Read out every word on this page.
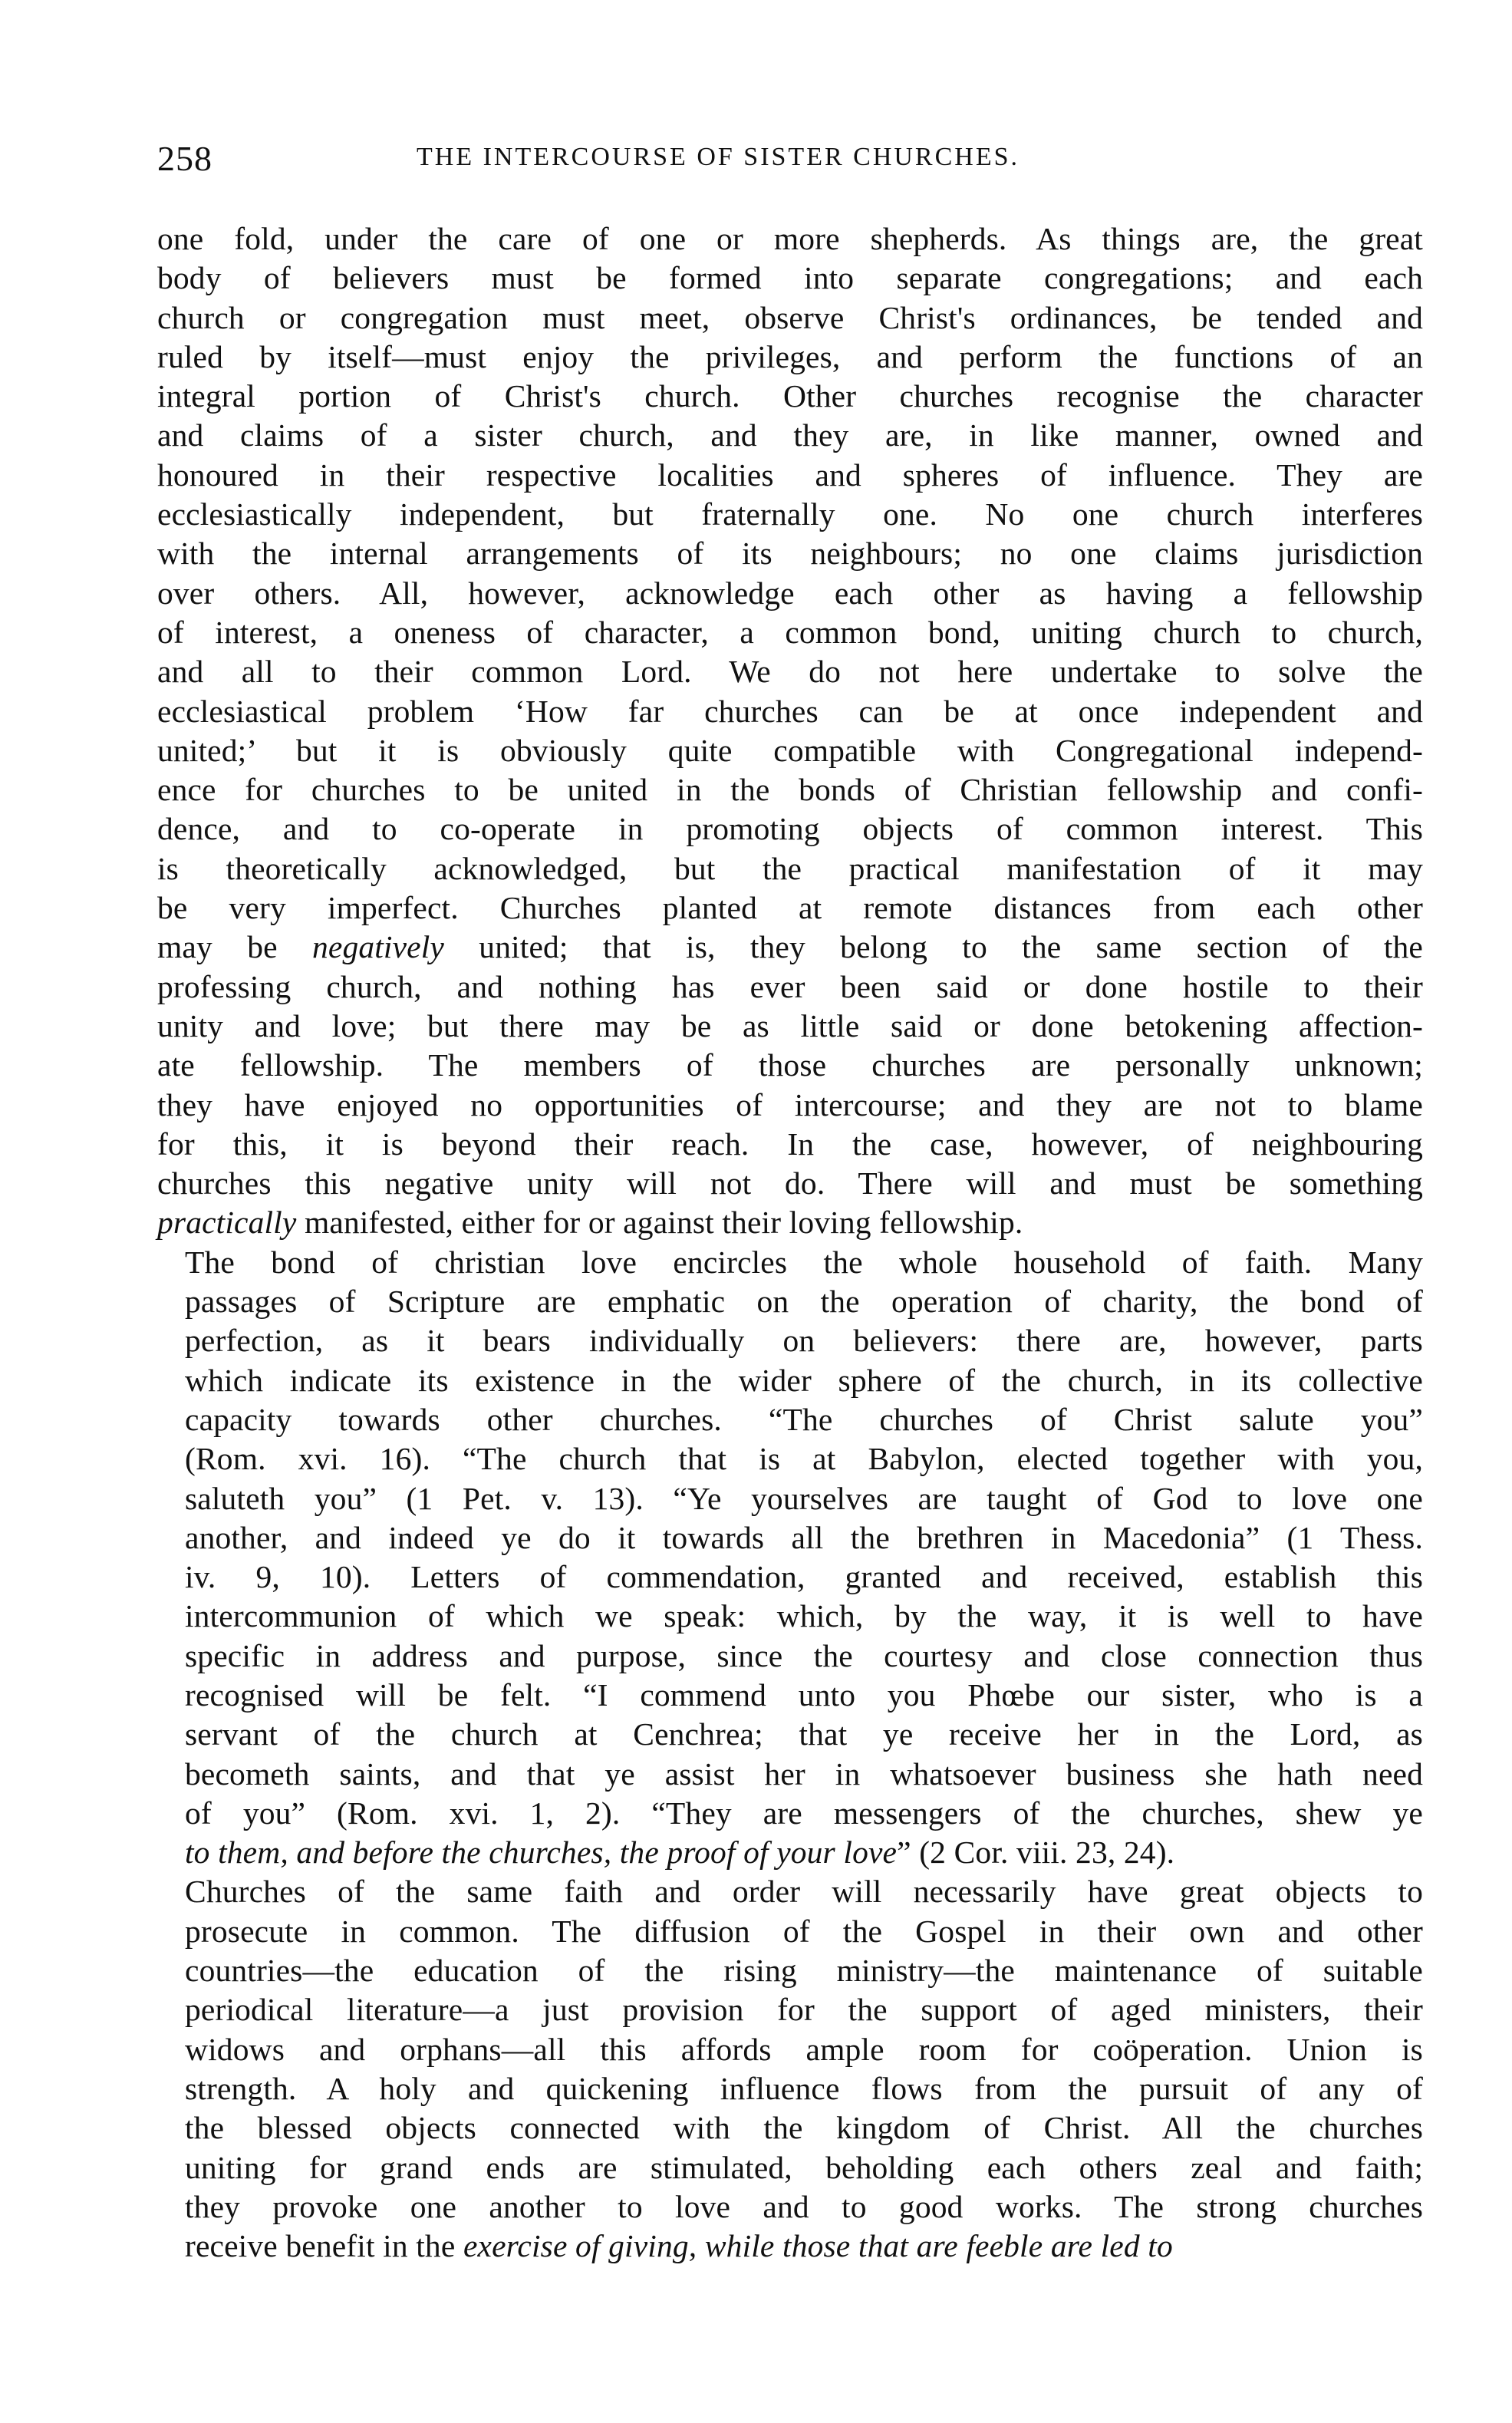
258	THE INTERCOURSE OF SISTER CHURCHES.

one fold, under the care of one or more shepherds. As things are, the great
body of believers must be formed into separate congregations; and each
church or congregation must meet, observe Christ's ordinances, be tended and
ruled by itself—must enjoy the privileges, and perform the functions of an
integral portion of Christ's church. Other churches recognise the character
and claims of a sister church, and they are, in like manner, owned and
honoured in their respective localities and spheres of influence. They are
ecclesiastically independent, but fraternally one. No one church interferes
with the internal arrangements of its neighbours; no one claims jurisdiction
over others. All, however, acknowledge each other as having a fellowship
of interest, a oneness of character, a common bond, uniting church to church,
and all to their common Lord. We do not here undertake to solve the
ecclesiastical problem ‘How far churches can be at once independent and
united;’ but it is obviously quite compatible with Congregational independ-
ence for churches to be united in the bonds of Christian fellowship and confi-
dence, and to co-operate in promoting objects of common interest. This
is theoretically acknowledged, but the practical manifestation of it may
be very imperfect. Churches planted at remote distances from each other
may be negatively united; that is, they belong to the same section of the
professing church, and nothing has ever been said or done hostile to their
unity and love; but there may be as little said or done betokening affection-
ate fellowship. The members of those churches are personally unknown;
they have enjoyed no opportunities of intercourse; and they are not to blame
for this, it is beyond their reach. In the case, however, of neighbouring
churches this negative unity will not do. There will and must be something
practically manifested, either for or against their loving fellowship.

The bond of christian love encircles the whole household of faith. Many
passages of Scripture are emphatic on the operation of charity, the bond of
perfection, as it bears individually on believers: there are, however, parts
which indicate its existence in the wider sphere of the church, in its collective
capacity towards other churches. “The churches of Christ salute you”
(Rom. xvi. 16). “The church that is at Babylon, elected together with you,
saluteth you” (1 Pet. v. 13). “Ye yourselves are taught of God to love one
another, and indeed ye do it towards all the brethren in Macedonia” (1 Thess.
iv. 9, 10). Letters of commendation, granted and received, establish this
intercommunion of which we speak: which, by the way, it is well to have
specific in address and purpose, since the courtesy and close connection thus
recognised will be felt. “I commend unto you Phœbe our sister, who is a
servant of the church at Cenchrea; that ye receive her in the Lord, as
becometh saints, and that ye assist her in whatsoever business she hath need
of you” (Rom. xvi. 1, 2). “They are messengers of the churches, shew ye
to them, and before the churches, the proof of your love” (2 Cor. viii. 23, 24).

Churches of the same faith and order will necessarily have great objects to
prosecute in common. The diffusion of the Gospel in their own and other
countries—the education of the rising ministry—the maintenance of suitable
periodical literature—a just provision for the support of aged ministers, their
widows and orphans—all this affords ample room for coöperation. Union is
strength. A holy and quickening influence flows from the pursuit of any of
the blessed objects connected with the kingdom of Christ. All the churches
uniting for grand ends are stimulated, beholding each others zeal and faith;
they provoke one another to love and to good works. The strong churches
receive benefit in the exercise of giving, while those that are feeble are led to
